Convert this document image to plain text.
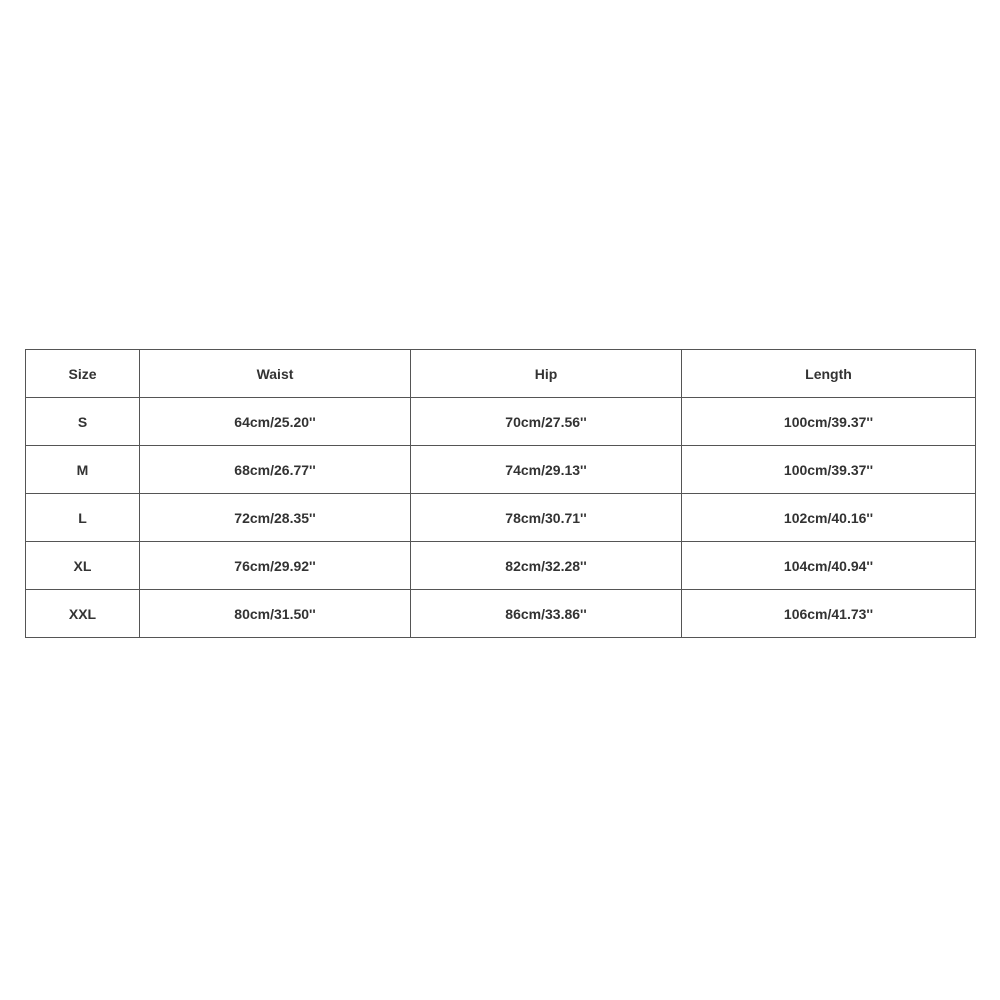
Size	Waist	Hip	Length
S	64cm/25.20''	70cm/27.56''	100cm/39.37''
M	68cm/26.77''	74cm/29.13''	100cm/39.37''
L	72cm/28.35''	78cm/30.71''	102cm/40.16''
XL	76cm/29.92''	82cm/32.28''	104cm/40.94''
XXL	80cm/31.50''	86cm/33.86''	106cm/41.73''
